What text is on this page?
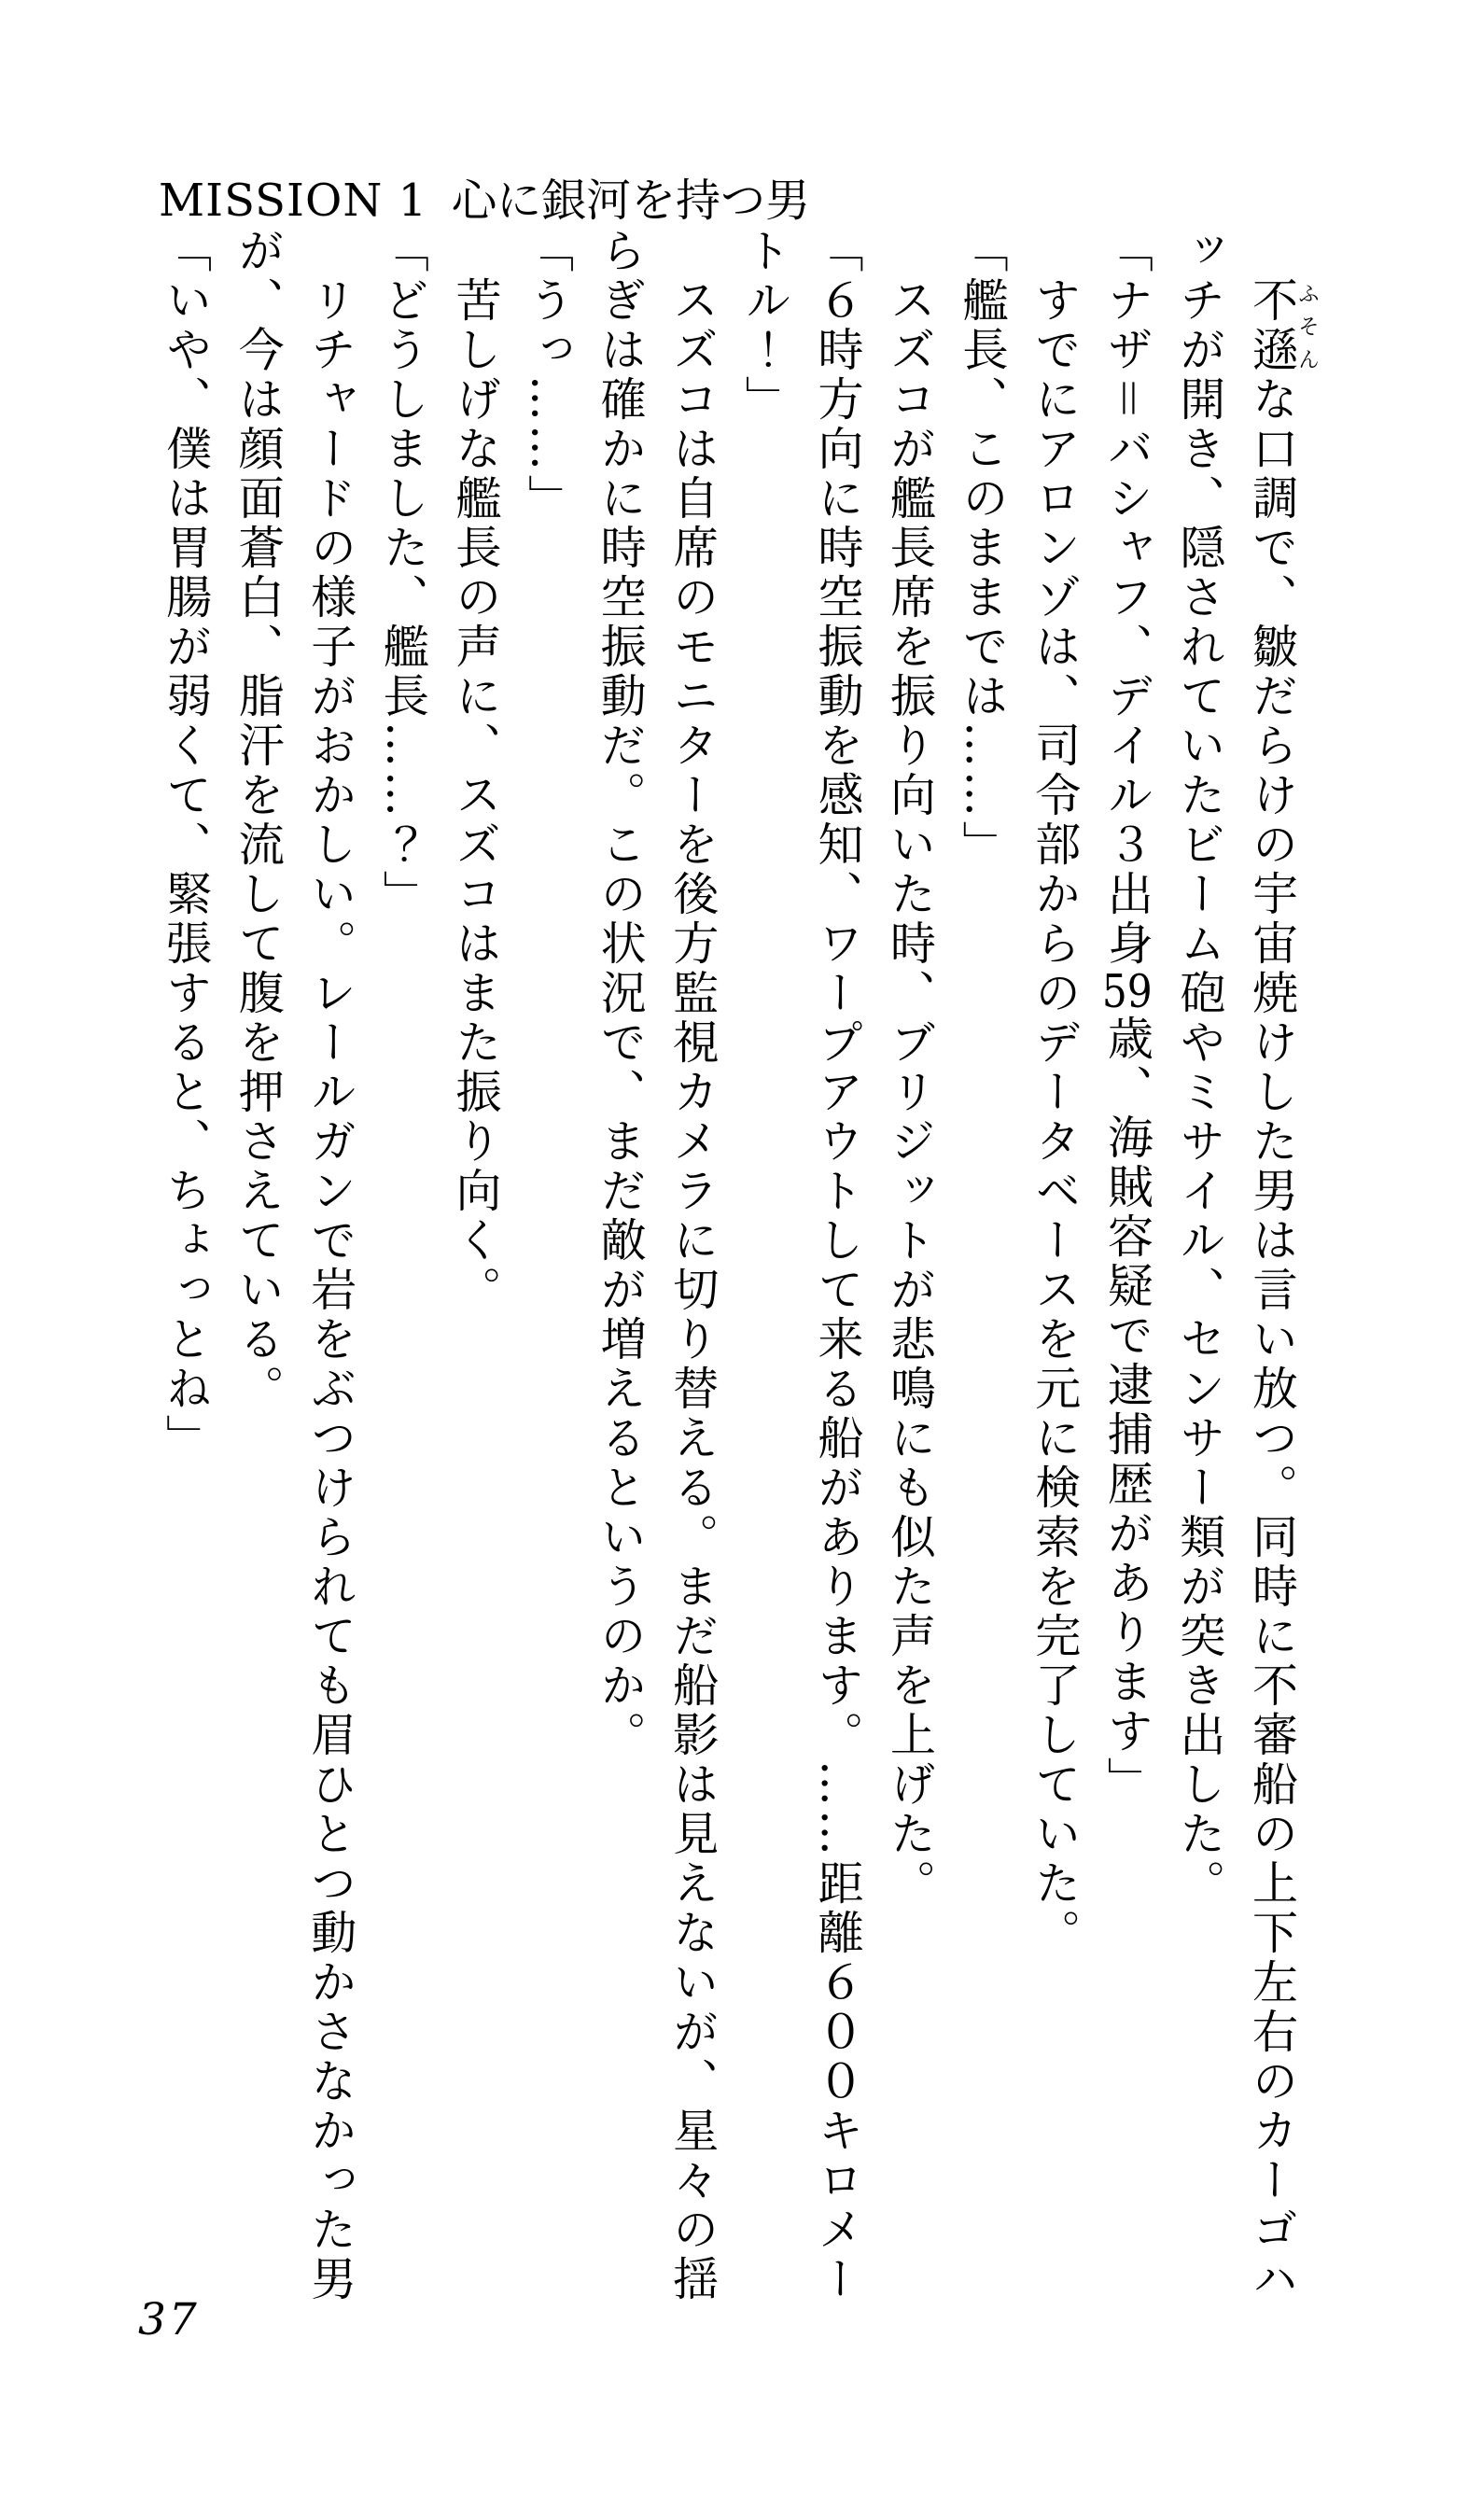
MISSION 1 心に銀河を持つ男

不遜ふそんな口調で、皺だらけの宇宙焼けした男は言い放つ。同時に不審船の上下左右のカーゴハ

ッチが開き、隠されていたビーム砲やミサイル、センサー類が突き出した。

「ナザ＝バシャフ、デイル３出身59歳、海賊容疑で逮捕歴があります」

すでにアロンゾは、司令部からのデータベースを元に検索を完了していた。

「艦長、このままでは……」

スズコが艦長席を振り向いた時、ブリジットが悲鳴にも似た声を上げた。

「６時方向に時空振動を感知、ワープアウトして来る船があります。……距離６００キロメー

トル！」

スズコは自席のモニターを後方監視カメラに切り替える。まだ船影は見えないが、星々の揺

らぎは確かに時空振動だ。この状況で、まだ敵が増えるというのか。

「うっ……」

苦しげな艦長の声に、スズコはまた振り向く。

「どうしました、艦長……？」

リチャードの様子がおかしい。レールガンで岩をぶつけられても眉ひとつ動かさなかった男

が、今は顔面蒼白、脂汗を流して腹を押さえている。

「いや、僕は胃腸が弱くて、緊張すると、ちょっとね」

37
